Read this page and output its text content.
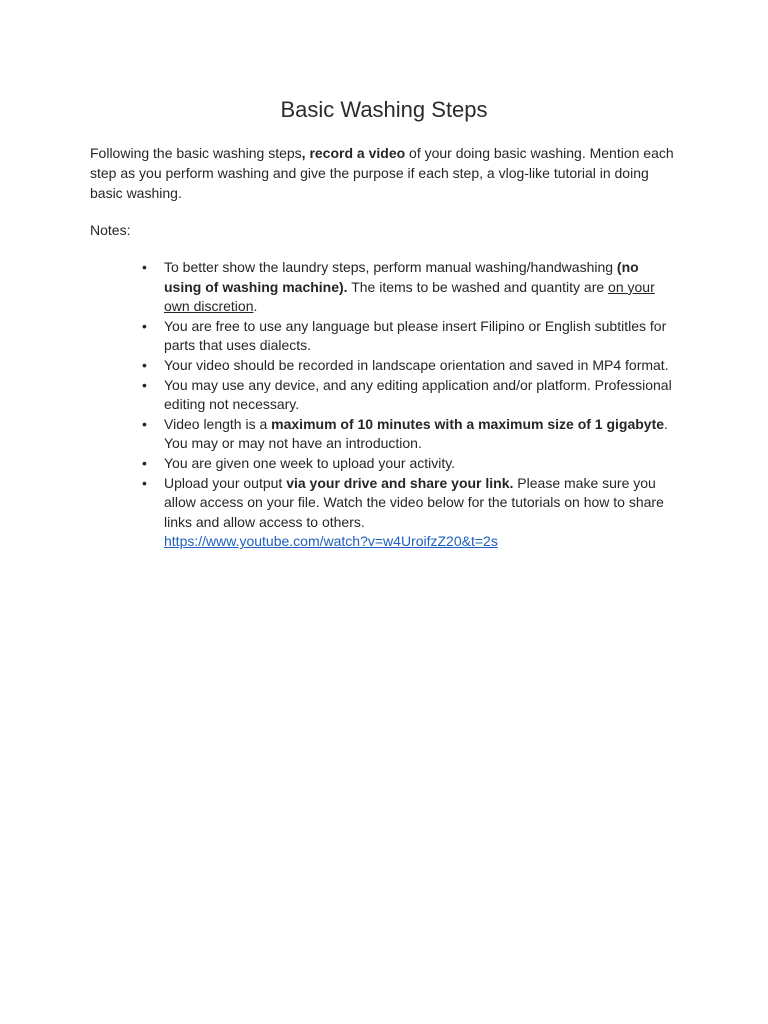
Basic Washing Steps

Following the basic washing steps, record a video of your doing basic washing. Mention each step as you perform washing and give the purpose if each step, a vlog-like tutorial in doing basic washing.

Notes:

• To better show the laundry steps, perform manual washing/handwashing (no using of washing machine). The items to be washed and quantity are on your own discretion.
• You are free to use any language but please insert Filipino or English subtitles for parts that uses dialects.
• Your video should be recorded in landscape orientation and saved in MP4 format.
• You may use any device, and any editing application and/or platform. Professional editing not necessary.
• Video length is a maximum of 10 minutes with a maximum size of 1 gigabyte. You may or may not have an introduction.
• You are given one week to upload your activity.
• Upload your output via your drive and share your link. Please make sure you allow access on your file. Watch the video below for the tutorials on how to share links and allow access to others.
https://www.youtube.com/watch?v=w4UroifzZ20&t=2s
